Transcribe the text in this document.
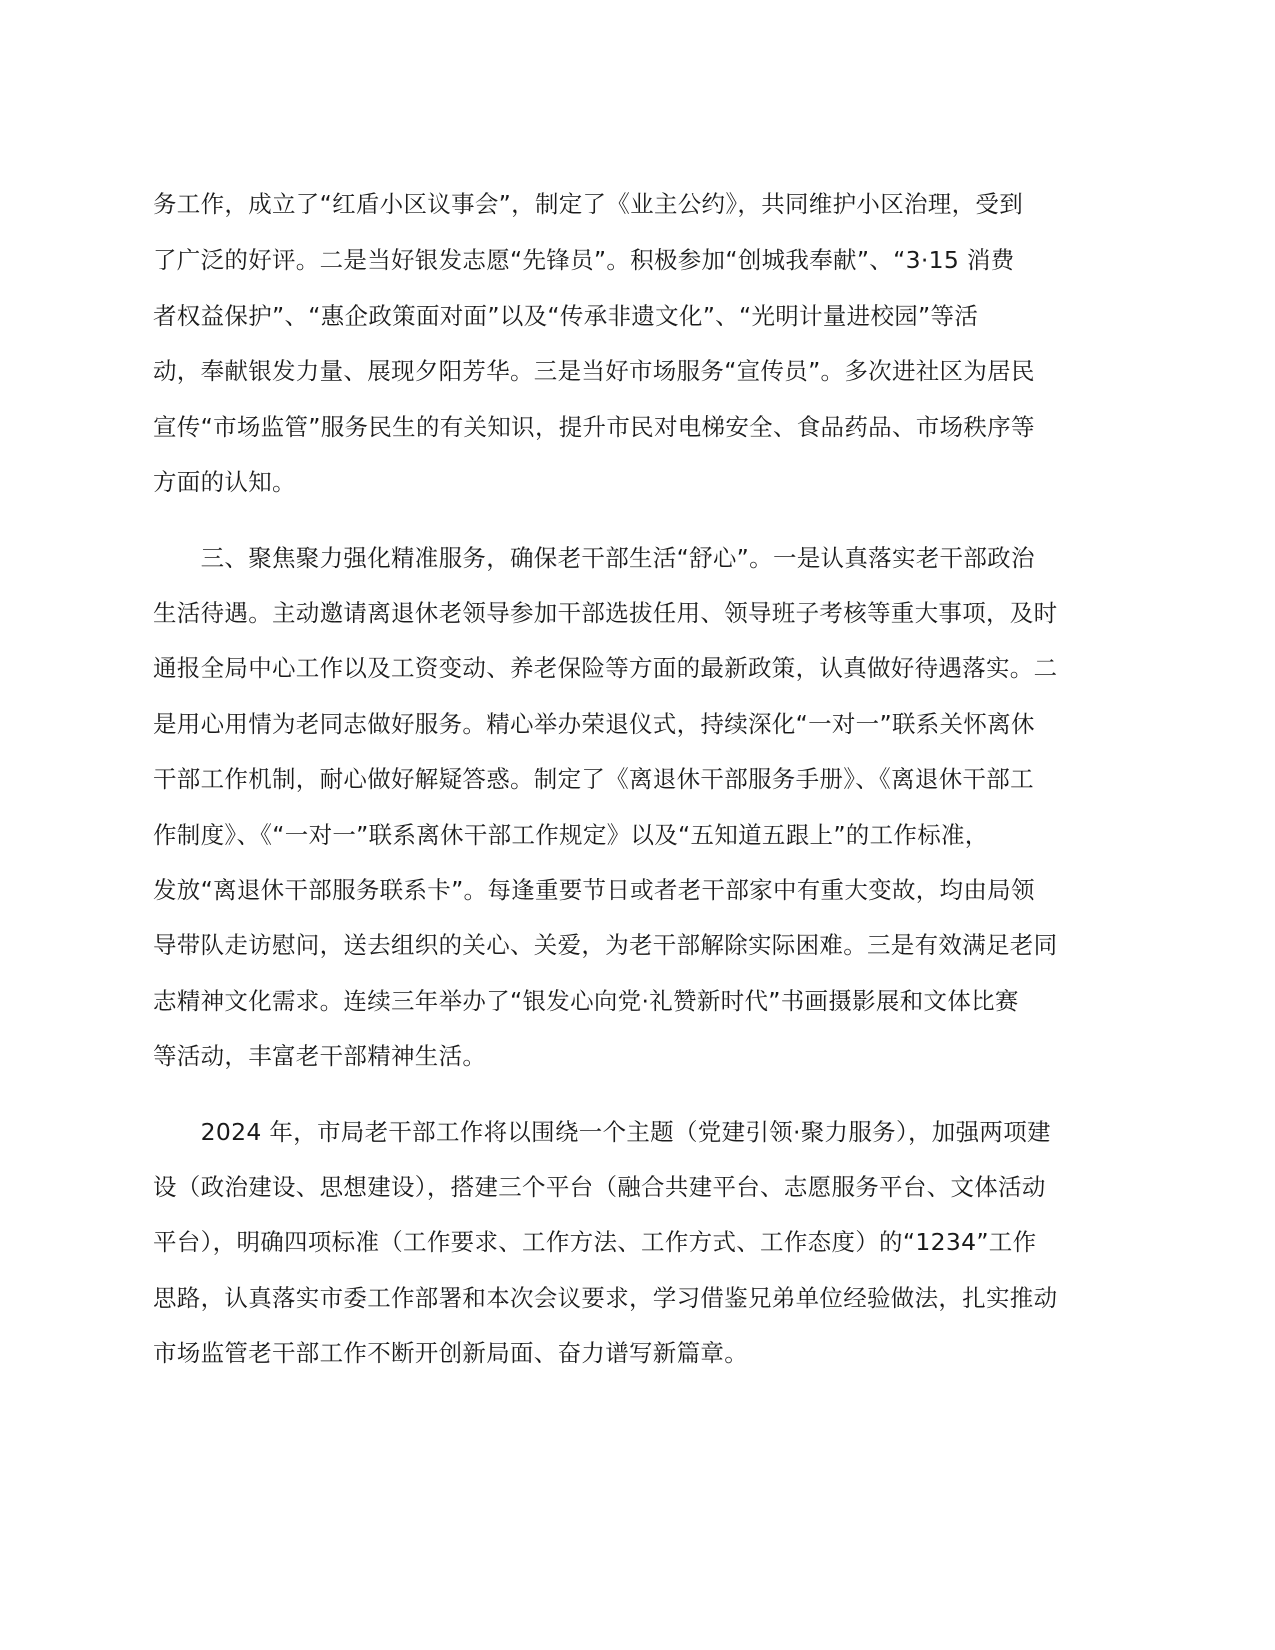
务工作，成立了“红盾小区议事会”，制定了《业主公约》，共同维护小区治理，受到
了广泛的好评。二是当好银发志愿“先锋员”。积极参加“创城我奉献”、“3·15 消费
者权益保护”、“惠企政策面对面”以及“传承非遗文化”、“光明计量进校园”等活
动，奉献银发力量、展现夕阳芳华。三是当好市场服务“宣传员”。多次进社区为居民
宣传“市场监管”服务民生的有关知识，提升市民对电梯安全、食品药品、市场秩序等
方面的认知。
　　三、聚焦聚力强化精准服务，确保老干部生活“舒心”。一是认真落实老干部政治
生活待遇。主动邀请离退休老领导参加干部选拔任用、领导班子考核等重大事项，及时
通报全局中心工作以及工资变动、养老保险等方面的最新政策，认真做好待遇落实。二
是用心用情为老同志做好服务。精心举办荣退仪式，持续深化“一对一”联系关怀离休
干部工作机制，耐心做好解疑答惑。制定了《离退休干部服务手册》、《离退休干部工
作制度》、《“一对一”联系离休干部工作规定》以及“五知道五跟上”的工作标准，
发放“离退休干部服务联系卡”。每逢重要节日或者老干部家中有重大变故，均由局领
导带队走访慰问，送去组织的关心、关爱，为老干部解除实际困难。三是有效满足老同
志精神文化需求。连续三年举办了“银发心向党·礼赞新时代”书画摄影展和文体比赛
等活动，丰富老干部精神生活。
　　2024 年，市局老干部工作将以围绕一个主题（党建引领·聚力服务），加强两项建
设（政治建设、思想建设），搭建三个平台（融合共建平台、志愿服务平台、文体活动
平台），明确四项标准（工作要求、工作方法、工作方式、工作态度）的“1234”工作
思路，认真落实市委工作部署和本次会议要求，学习借鉴兄弟单位经验做法，扎实推动
市场监管老干部工作不断开创新局面、奋力谱写新篇章。
